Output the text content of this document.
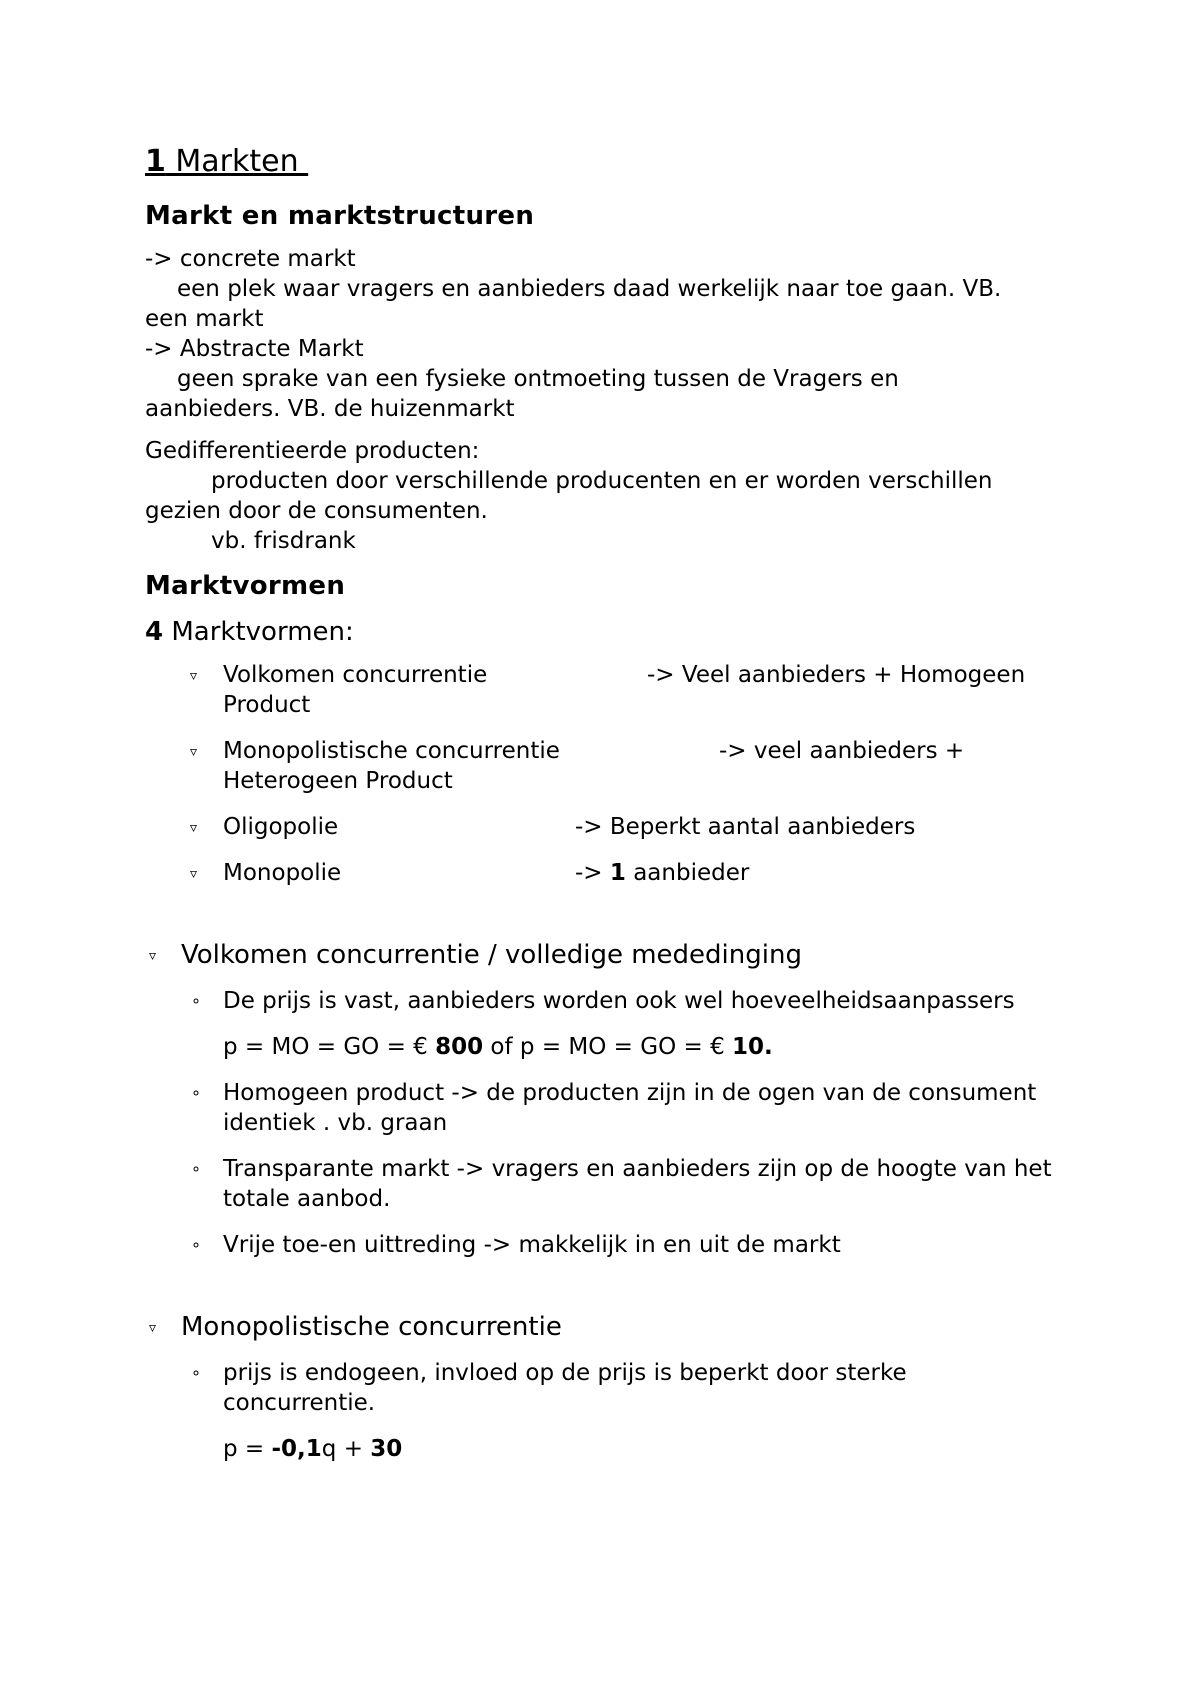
1 Markten
Markt en marktstructuren

-> concrete markt

een plek waar vragers en aanbieders daad werkelijk naar toe gaan. VB.

een markt

-> Abstracte Markt

geen sprake van een fysieke ontmoeting tussen de Vragers en

aanbieders. VB. de huizenmarkt

Gedifferentieerde producten:

producten door verschillende producenten en er worden verschillen

gezien door de consumenten.

vb. frisdrank

Marktvormen
4 Marktvormen:
▿ Volkomen concurrentie	-> Veel aanbieders + Homogeen
Product
▿ Monopolistische concurrentie	-> veel aanbieders +
Heterogeen Product
▿ Oligopolie	-> Beperkt aantal aanbieders
▿ Monopolie	-> 1 aanbieder
▿ Volkomen concurrentie / volledige mededinging
∘ De prijs is vast, aanbieders worden ook wel hoeveelheidsaanpassers

p = MO = GO = € 800 of p = MO = GO = € 10.

∘ Homogeen product -> de producten zijn in de ogen van de consument identiek . vb. graan
∘ Transparante markt -> vragers en aanbieders zijn op de hoogte van het totale aanbod.
∘ Vrije toe-en uittreding -> makkelijk in en uit de markt
▿ Monopolistische concurrentie
∘ prijs is endogeen, invloed op de prijs is beperkt door sterke concurrentie.

p = -0,1q + 30
